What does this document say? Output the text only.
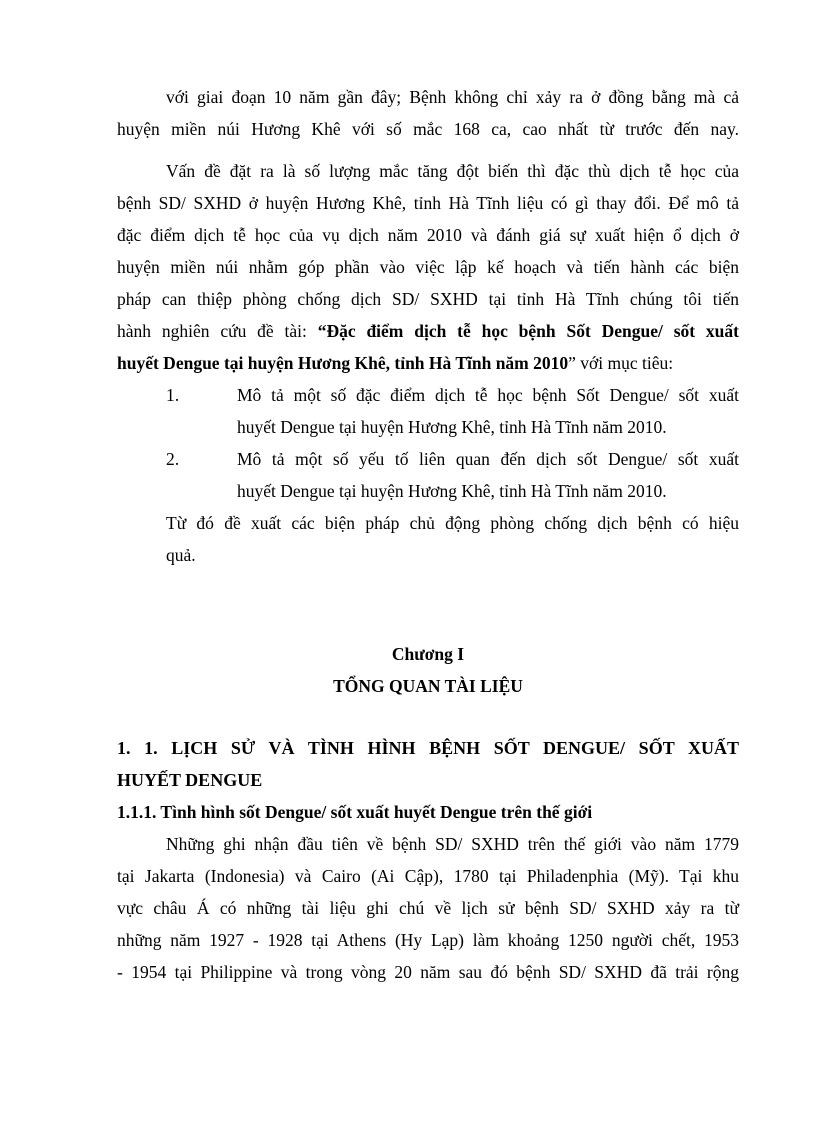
với giai đoạn 10 năm gần đây; Bệnh không chỉ xảy ra ở đồng bằng mà cả
huyện miền núi Hương Khê với số mắc 168 ca, cao nhất từ trước đến nay.
Vấn đề đặt ra là số lượng mắc tăng đột biến thì đặc thù dịch tễ học của
bệnh SD/ SXHD ở huyện Hương Khê, tỉnh Hà Tĩnh liệu có gì thay đổi. Để mô tả
đặc điểm dịch tễ học của vụ dịch năm 2010 và đánh giá sự xuất hiện ổ dịch ở
huyện miền núi nhằm góp phần vào việc lập kế hoạch và tiến hành các biện
pháp can thiệp phòng chống dịch SD/ SXHD tại tỉnh Hà Tĩnh chúng tôi tiến
hành nghiên cứu đề tài: “Đặc điểm dịch tễ học bệnh Sốt Dengue/ sốt xuất
huyết Dengue tại huyện Hương Khê, tỉnh Hà Tĩnh năm 2010” với mục tiêu:
1.	Mô tả một số đặc điểm dịch tễ học bệnh Sốt Dengue/ sốt xuất
huyết Dengue tại huyện Hương Khê, tỉnh Hà Tĩnh năm 2010.
2.	Mô tả một số yếu tố liên quan đến dịch sốt Dengue/ sốt xuất
huyết Dengue tại huyện Hương Khê, tỉnh Hà Tĩnh năm 2010.
Từ đó đề xuất các biện pháp chủ động phòng chống dịch bệnh có hiệu
quả.
Chương I
TỔNG QUAN TÀI LIỆU
1. 1. LỊCH SỬ VÀ TÌNH HÌNH BỆNH SỐT DENGUE/ SỐT XUẤT
HUYẾT DENGUE
1.1.1. Tình hình sốt Dengue/ sốt xuất huyết Dengue trên thế giới
Những ghi nhận đầu tiên về bệnh SD/ SXHD trên thế giới vào năm 1779
tại Jakarta (Indonesia) và Cairo (Ai Cập), 1780 tại Philadenphia (Mỹ). Tại khu
vực châu Á có những tài liệu ghi chú về lịch sử bệnh SD/ SXHD xảy ra từ
những năm 1927 - 1928 tại Athens (Hy Lạp) làm khoảng 1250 người chết, 1953
- 1954 tại Philippine và trong vòng 20 năm sau đó bệnh SD/ SXHD đã trải rộng
